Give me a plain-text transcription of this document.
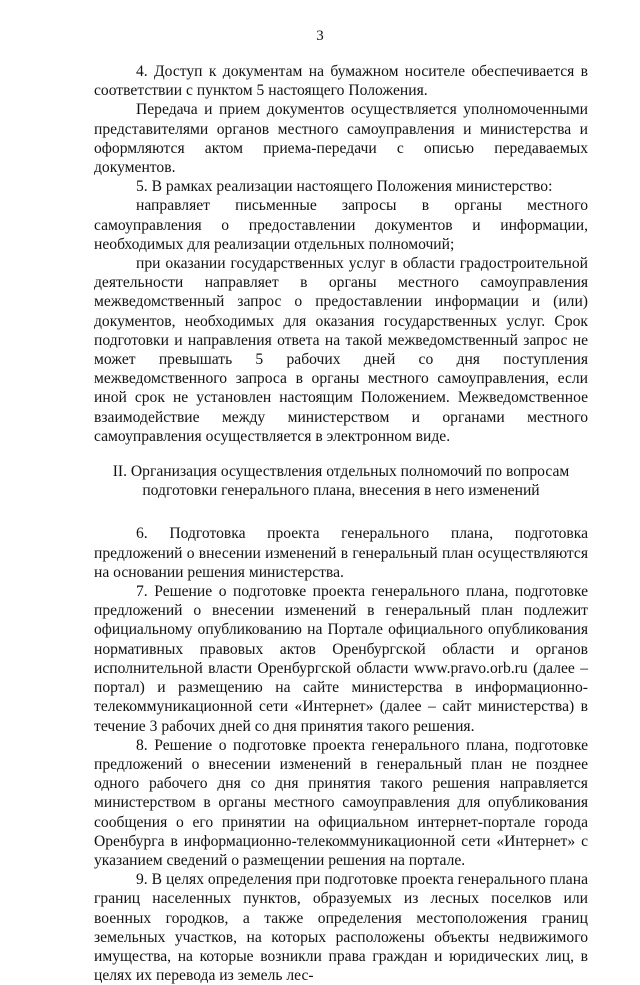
3

4. Доступ к документам на бумажном носителе обеспечивается в соответствии с пунктом 5 настоящего Положения.

Передача и прием документов осуществляется уполномоченными представителями органов местного самоуправления и министерства и оформляются актом приема-передачи с описью передаваемых документов.

5. В рамках реализации настоящего Положения министерство:

направляет письменные запросы в органы местного самоуправления о предоставлении документов и информации, необходимых для реализации отдельных полномочий;

при оказании государственных услуг в области градостроительной деятельности направляет в органы местного самоуправления межведомственный запрос о предоставлении информации и (или) документов, необходимых для оказания государственных услуг. Срок подготовки и направления ответа на такой межведомственный запрос не может превышать 5 рабочих дней со дня поступления межведомственного запроса в органы местного самоуправления, если иной срок не установлен настоящим Положением. Межведомственное взаимодействие между министерством и органами местного самоуправления осуществляется в электронном виде.

II. Организация осуществления отдельных полномочий по вопросам
подготовки генерального плана, внесения в него изменений

6. Подготовка проекта генерального плана, подготовка предложений о внесении изменений в генеральный план осуществляются на основании решения министерства.

7. Решение о подготовке проекта генерального плана, подготовке предложений о внесении изменений в генеральный план подлежит официальному опубликованию на Портале официального опубликования нормативных правовых актов Оренбургской области и органов исполнительной власти Оренбургской области www.pravo.orb.ru (далее – портал) и размещению на сайте министерства в информационно-телекоммуникационной сети «Интернет» (далее – сайт министерства) в течение 3 рабочих дней со дня принятия такого решения.

8. Решение о подготовке проекта генерального плана, подготовке предложений о внесении изменений в генеральный план не позднее одного рабочего дня со дня принятия такого решения направляется министерством в органы местного самоуправления для опубликования сообщения о его принятии на официальном интернет-портале города Оренбурга в информационно-телекоммуникационной сети «Интернет» с указанием сведений о размещении решения на портале.

9. В целях определения при подготовке проекта генерального плана границ населенных пунктов, образуемых из лесных поселков или военных городков, а также определения местоположения границ земельных участков, на которых расположены объекты недвижимого имущества, на которые возникли права граждан и юридических лиц, в целях их перевода из земель лес-
